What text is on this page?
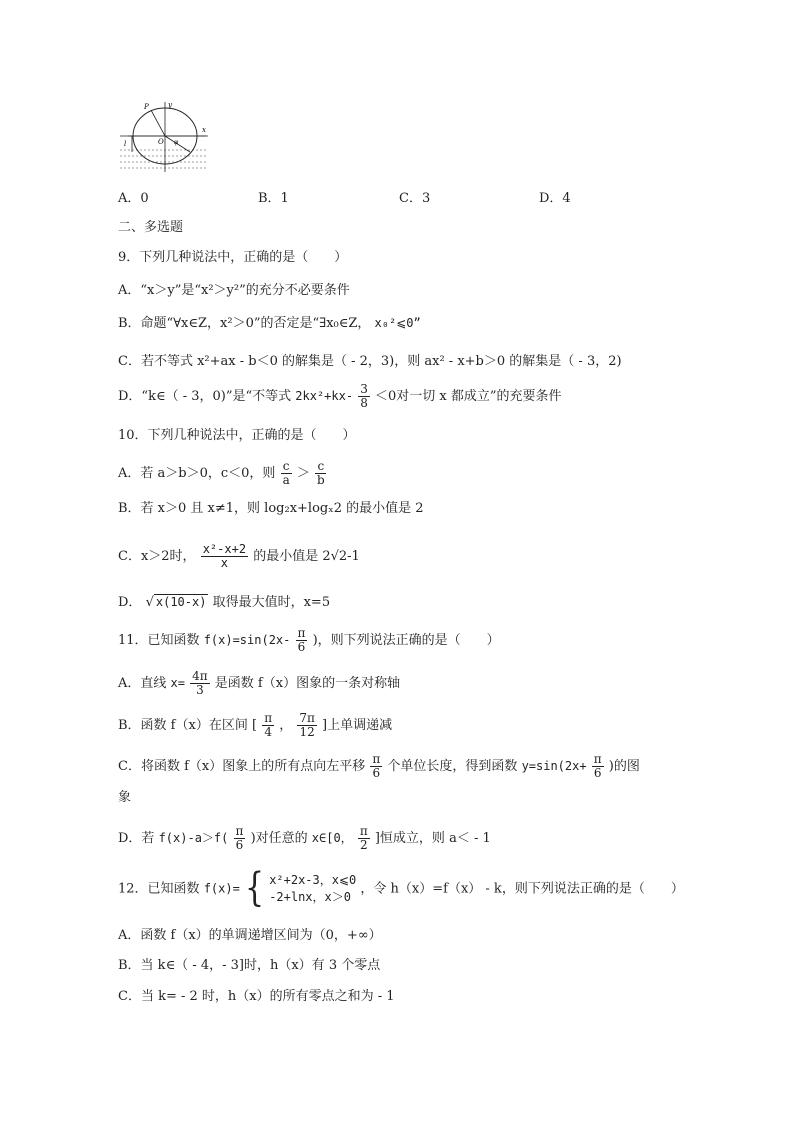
P	y
O
x
φ
l
A．0	B．1	C．3	D．4
二、多选题
9．下列几种说法中，正确的是（　　）
A．“x＞y”是“x²＞y²”的充分不必要条件
B．命题“∀x∈Z，x²＞0”的否定是“∃x₀∈Z， x₀²⩽0”
C．若不等式 x²+ax - b＜0 的解集是（ - 2，3)，则 ax² - x+b＞0 的解集是（ - 3，2)
D．“k∈（ - 3，0)”是“不等式 $2kx^2+kx- \frac{3}{8} <0$对一切 x 都成立”的充要条件
10．下列几种说法中，正确的是（　　）
A．若 a＞b＞0，c＜0，则 $\frac{c}{a} > \frac{c}{b}$
B．若 x＞0 且 x≠1，则 log₂x+logₓ2 的最小值是 2
C．x＞2时， $\frac{\text{x²-x+2}}{x}$ 的最小值是 2√2-1
D． √ x(10-x) 取得最大值时，x=5
11．已知函数 $f(x)=\sin(2x- \frac{\pi}{6}$ )，则下列说法正确的是（　　）
A．直线 $x= \frac{4\pi}{3}$ 是函数 f（x）图象的一条对称轴
B．函数 f（x）在区间 [ $\frac{\pi}{4}$ ， $\frac{7\pi}{12}$ ]上单调递减
C．将函数 f（x）图象上的所有点向左平移 $\frac{\pi}{6}$ 个单位长度，得到函数 $y=\sin(2x+ \frac{\pi}{6}$ )的图
象
D．若 $f(x)-a>f( \frac{\pi}{6}$ )对任意的 x∈[0， $\frac{\pi}{2}$ ]恒成立，则 a＜ - 1
12．已知函数 f(x)= { x²+2x-3，x⩽0
-2+lnx，x＞0
，令 h（x）=f（x） - k，则下列说法正确的是（　　）
A．函数 f（x）的单调递增区间为（0，+∞）
B．当 k∈（ - 4，- 3]时，h（x）有 3 个零点
C．当 k= - 2 时，h（x）的所有零点之和为 - 1
